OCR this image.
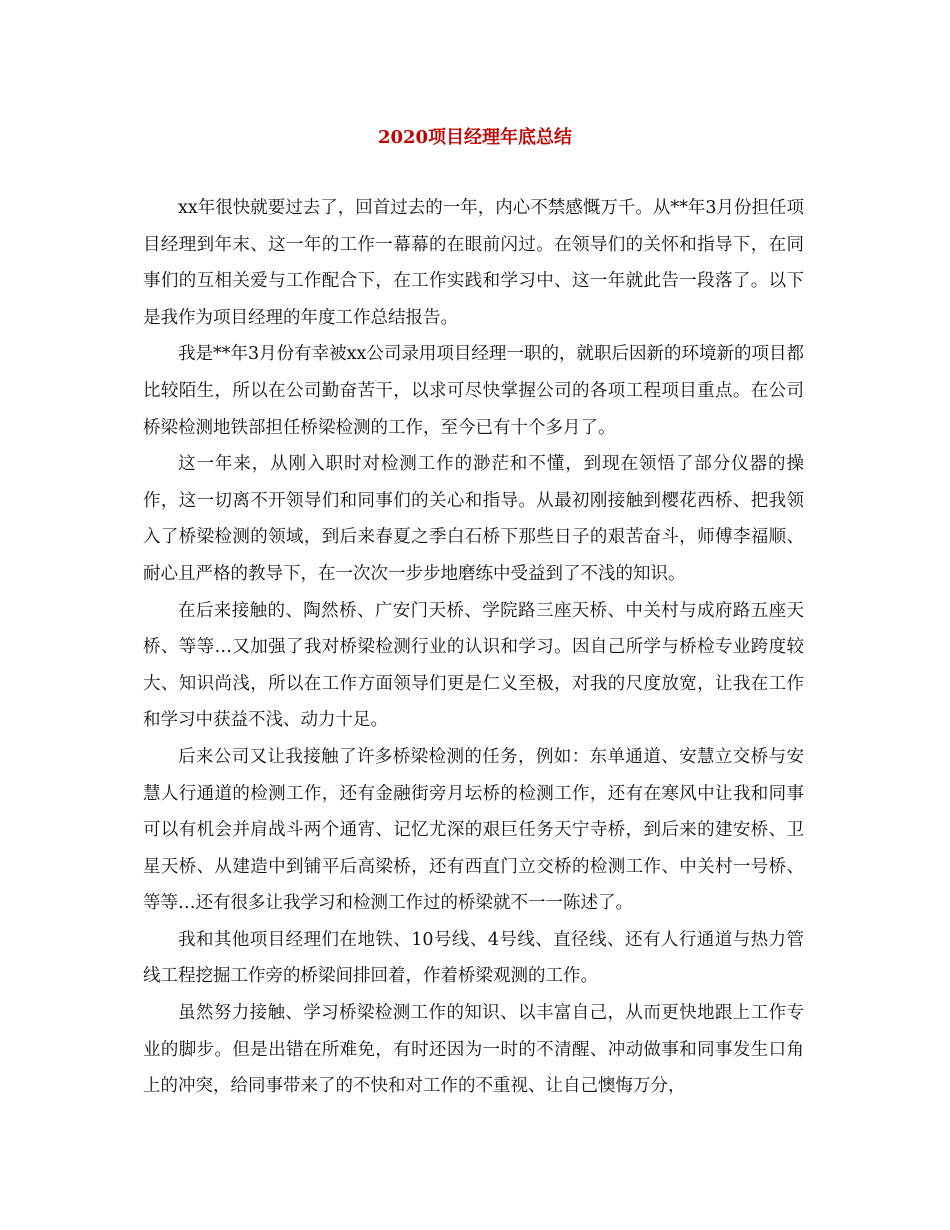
2020项目经理年底总结

xx年很快就要过去了，回首过去的一年，内心不禁感慨万千。从**年3月份担任项目经理到年末、这一年的工作一幕幕的在眼前闪过。在领导们的关怀和指导下，在同事们的互相关爱与工作配合下，在工作实践和学习中、这一年就此告一段落了。以下是我作为项目经理的年度工作总结报告。

我是**年3月份有幸被xx公司录用项目经理一职的，就职后因新的环境新的项目都比较陌生，所以在公司勤奋苦干，以求可尽快掌握公司的各项工程项目重点。在公司桥梁检测地铁部担任桥梁检测的工作，至今已有十个多月了。

这一年来，从刚入职时对检测工作的渺茫和不懂，到现在领悟了部分仪器的操作，这一切离不开领导们和同事们的关心和指导。从最初刚接触到樱花西桥、把我领入了桥梁检测的领域，到后来春夏之季白石桥下那些日子的艰苦奋斗，师傅李福顺、耐心且严格的教导下，在一次次一步步地磨练中受益到了不浅的知识。

在后来接触的、陶然桥、广安门天桥、学院路三座天桥、中关村与成府路五座天桥、等等…又加强了我对桥梁检测行业的认识和学习。因自己所学与桥检专业跨度较大、知识尚浅，所以在工作方面领导们更是仁义至极，对我的尺度放宽，让我在工作和学习中获益不浅、动力十足。

后来公司又让我接触了许多桥梁检测的任务，例如：东单通道、安慧立交桥与安慧人行通道的检测工作，还有金融街旁月坛桥的检测工作，还有在寒风中让我和同事可以有机会并肩战斗两个通宵、记忆尤深的艰巨任务天宁寺桥，到后来的建安桥、卫星天桥、从建造中到铺平后高梁桥，还有西直门立交桥的检测工作、中关村一号桥、等等…还有很多让我学习和检测工作过的桥梁就不一一陈述了。

我和其他项目经理们在地铁、10号线、4号线、直径线、还有人行通道与热力管线工程挖掘工作旁的桥梁间排回着，作着桥梁观测的工作。

虽然努力接触、学习桥梁检测工作的知识、以丰富自己，从而更快地跟上工作专业的脚步。但是出错在所难免，有时还因为一时的不清醒、冲动做事和同事发生口角上的冲突，给同事带来了的不快和对工作的不重视、让自己懊悔万分，
